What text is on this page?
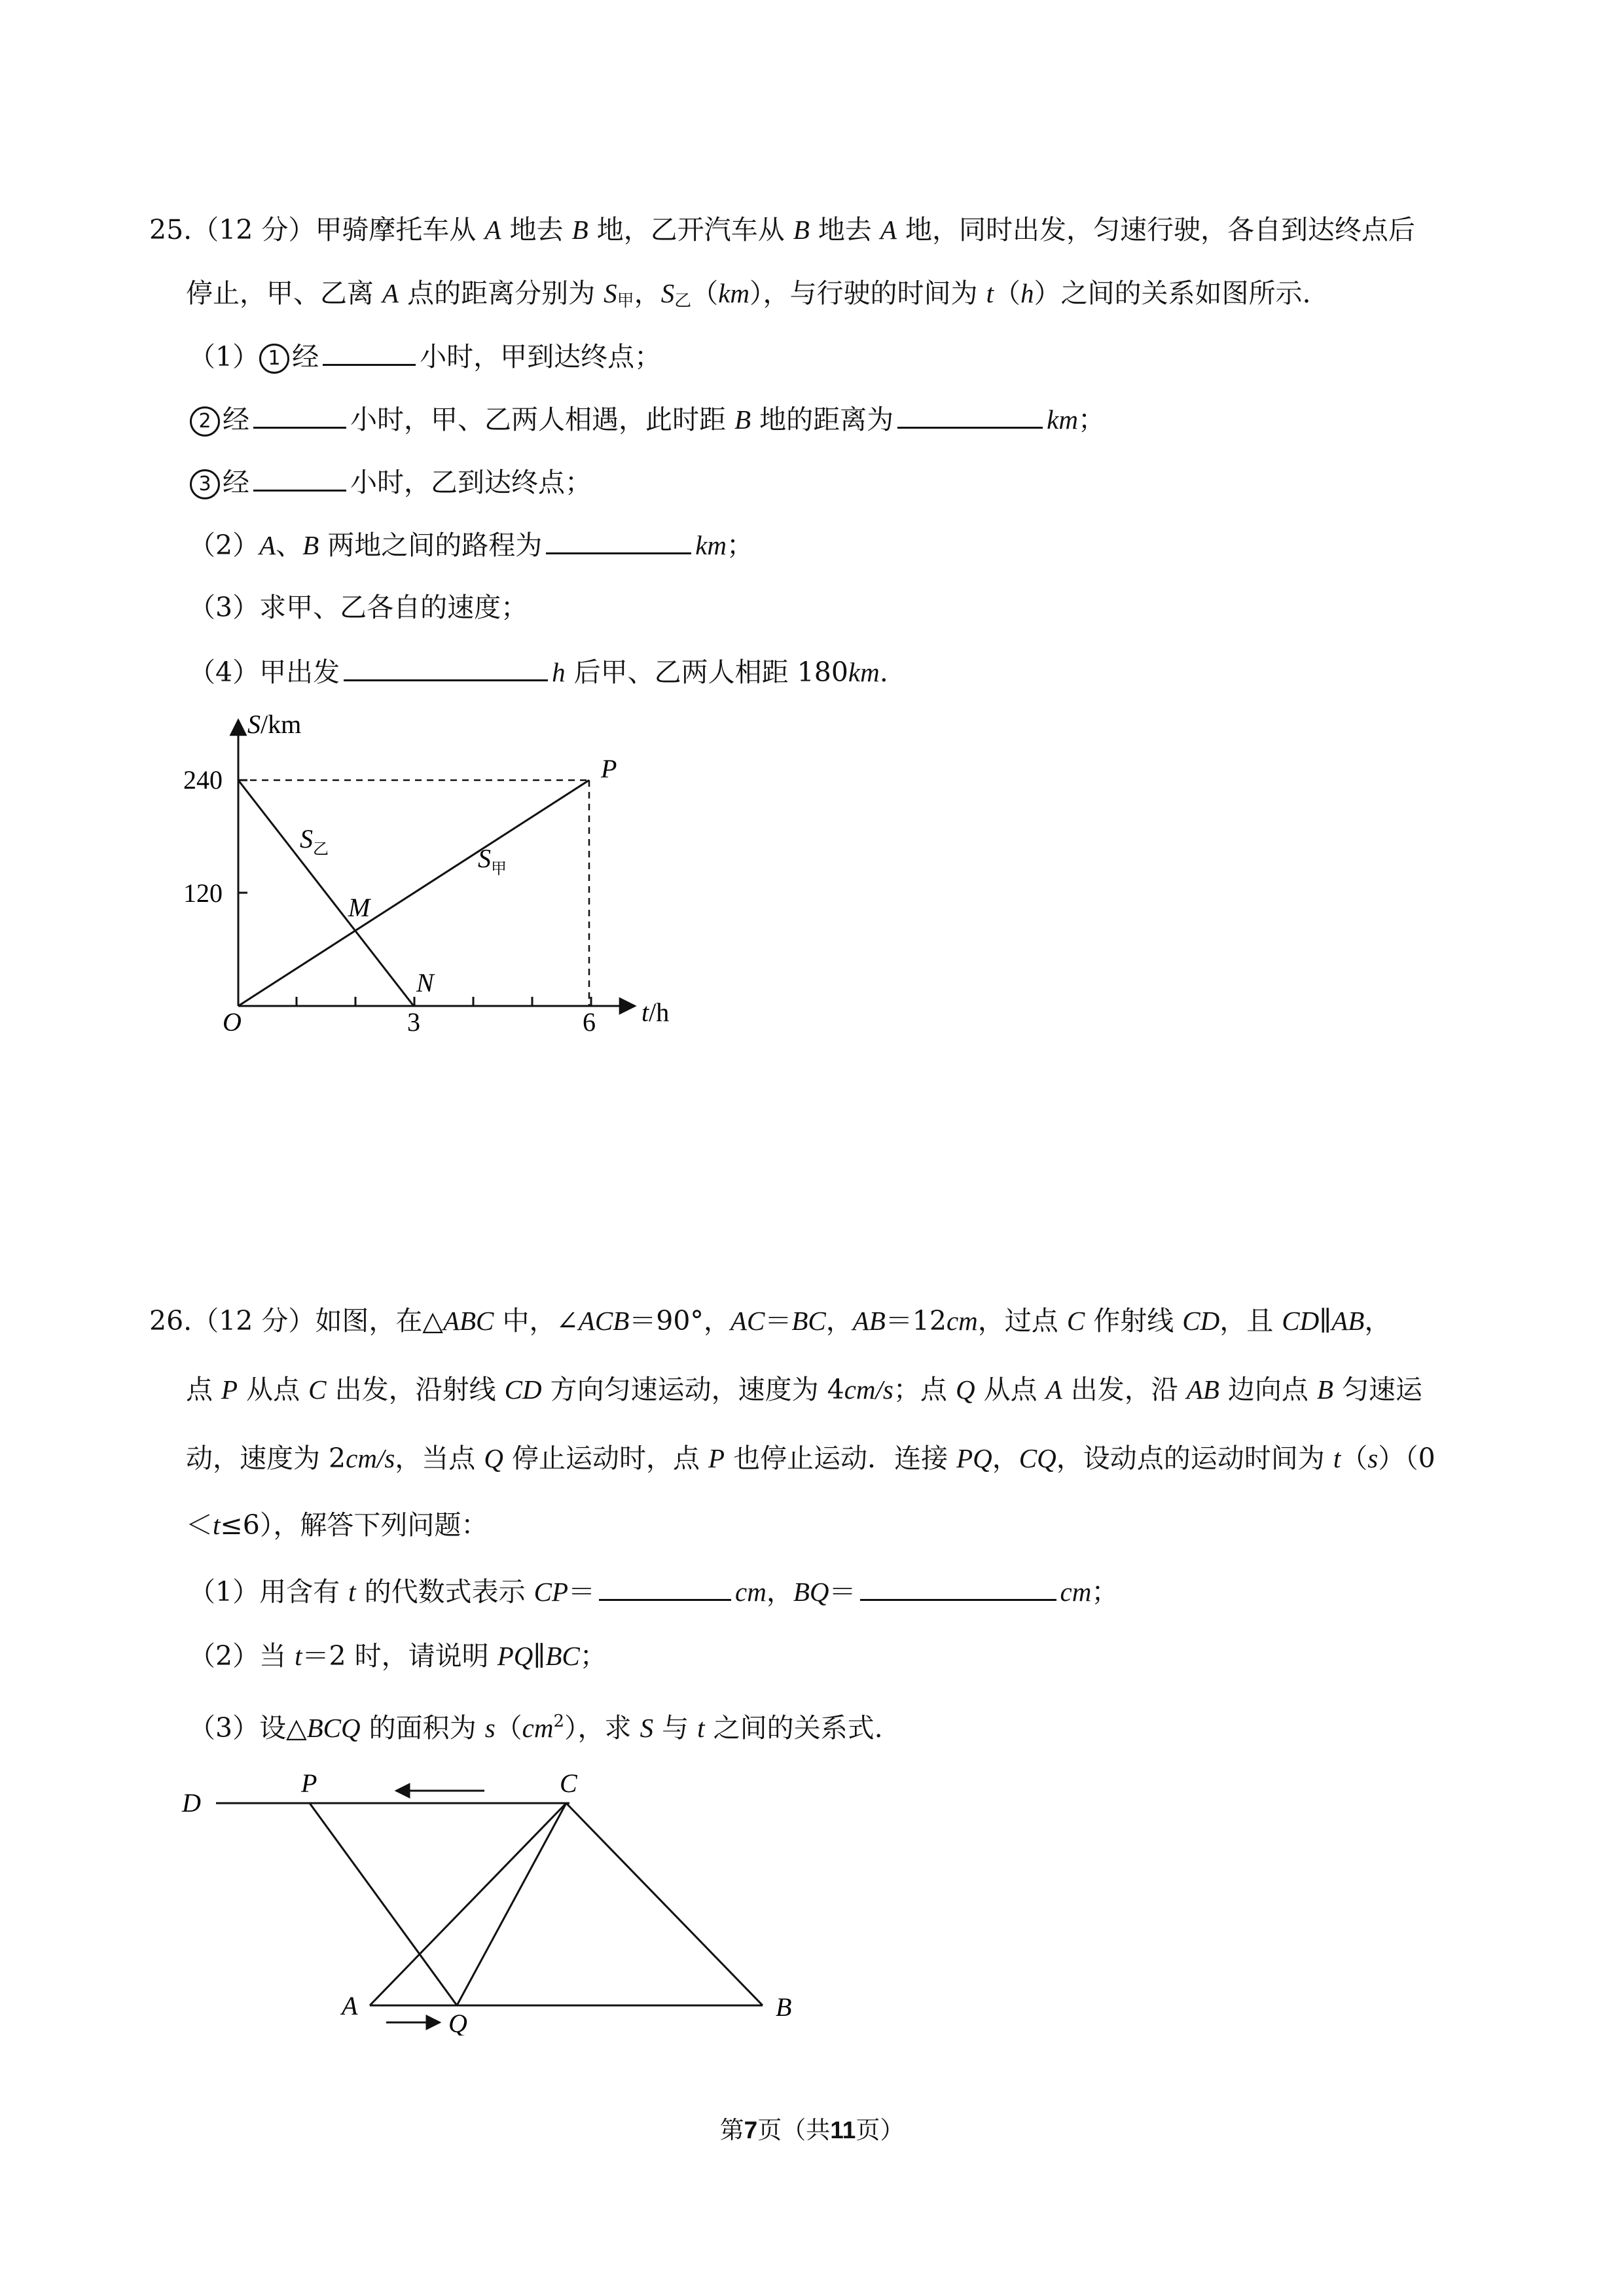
25.（12 分）甲骑摩托车从 A 地去 B 地，乙开汽车从 B 地去 A 地，同时出发，匀速行驶，各自到达终点后
停止，甲、乙离 A 点的距离分别为 $S_甲$，$S_乙(km)$，与行驶的时间为 t（h）之间的关系如图所示.
（1） 1 经	小时，甲到达终点；
2 经	小时，甲、乙两人相遇，此时距 B 地的距离为	km；
3 经	小时，乙到达终点；
（2）A、B 两地之间的路程为	km；
（3）求甲、乙各自的速度；
（4）甲出发	h 后甲、乙两人相距 180km.
S/km
t/h
O
240
120
3	6
P
M
N
$S_乙$	$S_甲$
26.（12 分）如图，在△ABC 中，∠ACB＝90°，AC＝BC，AB＝12cm，过点 C 作射线 CD，且 CD∥AB，
点 P 从点 C 出发，沿射线 CD 方向匀速运动，速度为 4cm/s；点 Q 从点 A 出发，沿 AB 边向点 B 匀速运
动，速度为 2cm/s，当点 Q 停止运动时，点 P 也停止运动．连接 PQ，CQ，设动点的运动时间为 t（s）（0
＜t≤6），解答下列问题：
（1）用含有 t 的代数式表示 CP＝	cm，BQ＝	cm；
（2）当 t＝2 时，请说明 PQ∥BC；
（3）设△BCQ 的面积为 $s(cm^2)$，求 S 与 t 之间的关系式.
D
P	C
A
Q
B
第7页（共11页）
